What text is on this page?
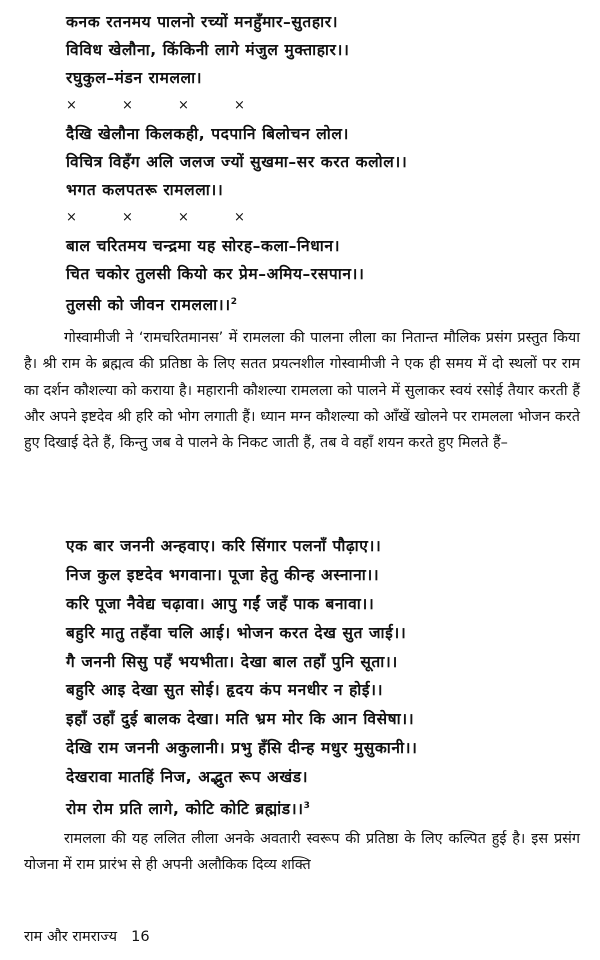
कनक रतनमय पालनो रच्यों मनहुँमार–सुतहार।
विविध खेलौना, किंकिनी लागे मंजुल मुक्ताहार।।
रघुकुल–मंडन रामलला।
×	×	×	×
दैखि खेलौना किलकही, पदपानि बिलोचन लोल।
विचित्र विहँग अलि जलज ज्यों सुखमा–सर करत कलोल।।
भगत कलपतरू रामलला।।
×	×	×	×
बाल चरितमय चन्द्रमा यह सोरह–कला–निधान।
चित चकोर तुलसी कियो कर प्रेम–अमिय–रसपान।।
तुलसी को जीवन रामलला।।$^2$

गोस्वामीजी ने ‘रामचरितमानस’ में रामलला की पालना लीला का नितान्त मौलिक प्रसंग प्रस्तुत किया है। श्री राम के ब्रह्मत्व की प्रतिष्ठा के लिए सतत प्रयत्नशील गोस्वामीजी ने एक ही समय में दो स्थलों पर राम का दर्शन कौशल्या को कराया है। महारानी कौशल्या रामलला को पालने में सुलाकर स्वयं रसोई तैयार करती हैं और अपने इष्टदेव श्री हरि को भोग लगाती हैं। ध्यान मग्न कौशल्या को आँखें खोलने पर रामलला भोजन करते हुए दिखाई देते हैं, किन्तु जब वे पालने के निकट जाती हैं, तब वे वहाँ शयन करते हुए मिलते हैं–

एक बार जननी अन्हवाए। करि सिंगार पलनाँ पौढ़ाए।।
निज कुल इष्टदेव भगवाना। पूजा हेतु कीन्ह अस्नाना।।
करि पूजा नैवेद्य चढ़ावा। आपु गईं जहँ पाक बनावा।।
बहुरि मातु तहँवा चलि आई। भोजन करत देख सुत जाई।।
गै जननी सिसु पहँ भयभीता। देखा बाल तहाँ पुनि सूता।।
बहुरि आइ देखा सुत सोई। हृदय कंप मनधीर न होई।।
इहाँ उहाँ दुई बालक देखा। मति भ्रम मोर कि आन विसेषा।।
देखि राम जननी अकुलानी। प्रभु हँसि दीन्ह मधुर मुसुकानी।।
देखरावा मातहिं निज, अद्भुत रूप अखंड।
रोम रोम प्रति लागे, कोटि कोटि ब्रह्मांड।।$^3$

रामलला की यह ललित लीला अनके अवतारी स्वरूप की प्रतिष्ठा के लिए कल्पित हुई है। इस प्रसंग योजना में राम प्रारंभ से ही अपनी अलौकिक दिव्य शक्ति

राम और रामराज्य 16
